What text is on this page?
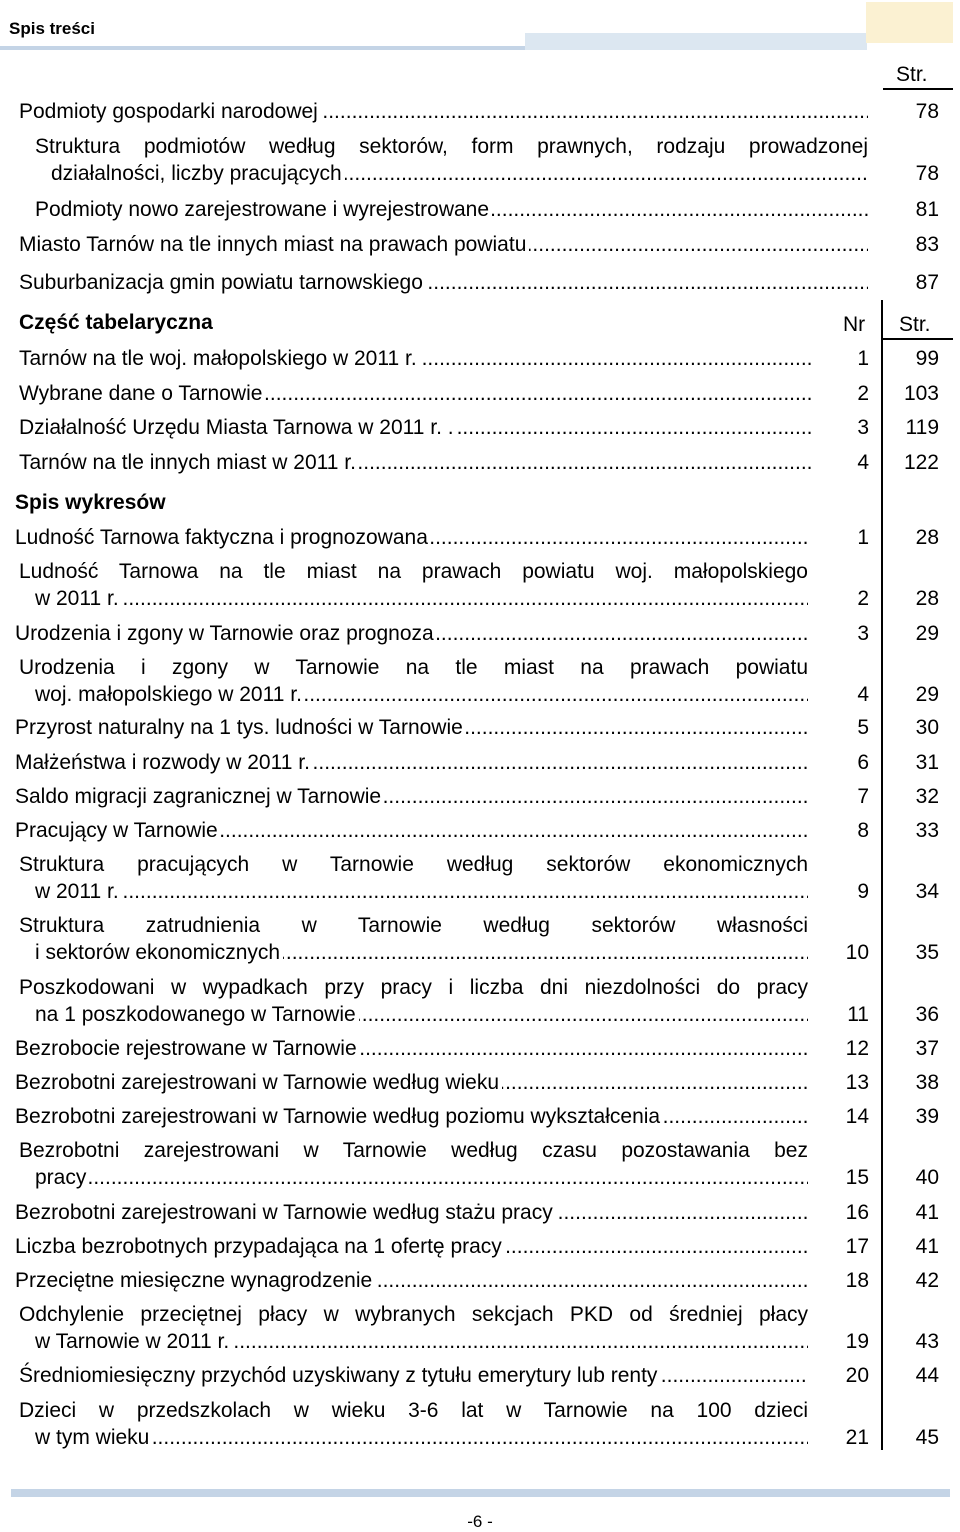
Spis treści
Str.
Podmioty gospodarki narodowej .....	78
Struktura podmiotów według sektorów, form prawnych, rodzaju prowadzonej
działalności, liczby pracujących .....	78
Podmioty nowo zarejestrowane i wyrejestrowane .....	81
Miasto Tarnów na tle innych miast na prawach powiatu .....	83
Suburbanizacja gmin powiatu tarnowskiego .....	87
Część tabelaryczna	Nr Str.
Tarnów na tle woj. małopolskiego w 2011 r. .....	1	99
Wybrane dane o Tarnowie .....	2	103
Działalność Urzędu Miasta Tarnowa w 2011 r. . .....	3	119
Tarnów na tle innych miast w 2011 r. .....	4	122
Spis wykresów
Ludność Tarnowa faktyczna i prognozowana .....	1	28
Ludność Tarnowa na tle miast na prawach powiatu woj. małopolskiego
w 2011 r. .....	2	28
Urodzenia i zgony w Tarnowie oraz prognoza .....	3	29
Urodzenia i zgony w Tarnowie na tle miast na prawach powiatu
woj. małopolskiego w 2011 r. .....	4	29
Przyrost naturalny na 1 tys. ludności w Tarnowie .....	5	30
Małżeństwa i rozwody w 2011 r. .....	6	31
Saldo migracji zagranicznej w Tarnowie .....	7	32
Pracujący w Tarnowie .....	8	33
Struktura pracujących w Tarnowie według sektorów ekonomicznych
w 2011 r. .....	9	34
Struktura zatrudnienia w Tarnowie według sektorów własności
i sektorów ekonomicznych .....	10	35
Poszkodowani w wypadkach przy pracy i liczba dni niezdolności do pracy
na 1 poszkodowanego w Tarnowie .....	11	36
Bezrobocie rejestrowane w Tarnowie .....	12	37
Bezrobotni zarejestrowani w Tarnowie według wieku .....	13	38
Bezrobotni zarejestrowani w Tarnowie według poziomu wykształcenia .....	14	39
Bezrobotni zarejestrowani w Tarnowie według czasu pozostawania bez
pracy .....	15	40
Bezrobotni zarejestrowani w Tarnowie według stażu pracy .....	16	41
Liczba bezrobotnych przypadająca na 1 ofertę pracy .....	17	41
Przeciętne miesięczne wynagrodzenie .....	18	42
Odchylenie przeciętnej płacy w wybranych sekcjach PKD od średniej płacy
w Tarnowie w 2011 r. .....	19	43
Średniomiesięczny przychód uzyskiwany z tytułu emerytury lub renty .....	20	44
Dzieci w przedszkolach w wieku 3-6 lat w Tarnowie na 100 dzieci
w tym wieku .....	21	45
-6 -
